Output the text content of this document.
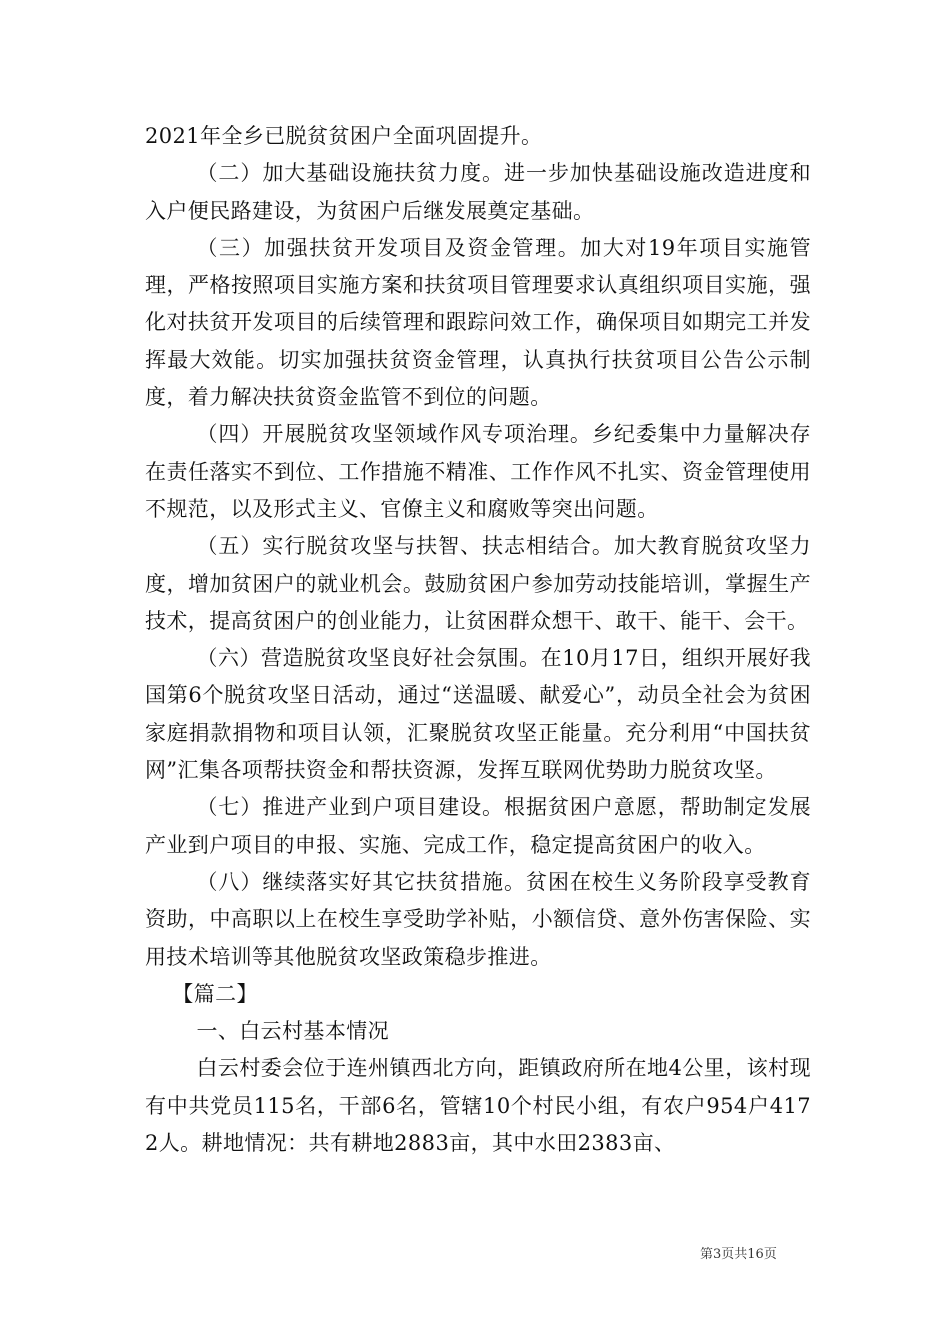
2021年全乡已脱贫贫困户全面巩固提升。

（二）加大基础设施扶贫力度。进一步加快基础设施改造进度和入户便民路建设，为贫困户后继发展奠定基础。

（三）加强扶贫开发项目及资金管理。加大对19年项目实施管理，严格按照项目实施方案和扶贫项目管理要求认真组织项目实施，强化对扶贫开发项目的后续管理和跟踪问效工作，确保项目如期完工并发挥最大效能。切实加强扶贫资金管理，认真执行扶贫项目公告公示制度，着力解决扶贫资金监管不到位的问题。

（四）开展脱贫攻坚领域作风专项治理。乡纪委集中力量解决存在责任落实不到位、工作措施不精准、工作作风不扎实、资金管理使用不规范，以及形式主义、官僚主义和腐败等突出问题。

（五）实行脱贫攻坚与扶智、扶志相结合。加大教育脱贫攻坚力度，增加贫困户的就业机会。鼓励贫困户参加劳动技能培训，掌握生产技术，提高贫困户的创业能力，让贫困群众想干、敢干、能干、会干。

（六）营造脱贫攻坚良好社会氛围。在10月17日，组织开展好我国第6个脱贫攻坚日活动，通过“送温暖、献爱心”，动员全社会为贫困家庭捐款捐物和项目认领，汇聚脱贫攻坚正能量。充分利用“中国扶贫网”汇集各项帮扶资金和帮扶资源，发挥互联网优势助力脱贫攻坚。

（七）推进产业到户项目建设。根据贫困户意愿，帮助制定发展产业到户项目的申报、实施、完成工作，稳定提高贫困户的收入。

（八）继续落实好其它扶贫措施。贫困在校生义务阶段享受教育资助，中高职以上在校生享受助学补贴，小额信贷、意外伤害保险、实用技术培训等其他脱贫攻坚政策稳步推进。

【篇二】

一、白云村基本情况

白云村委会位于连州镇西北方向，距镇政府所在地4公里，该村现有中共党员115名，干部6名，管辖10个村民小组，有农户954户4172人。耕地情况：共有耕地2883亩，其中水田2383亩、

第3页共16页
